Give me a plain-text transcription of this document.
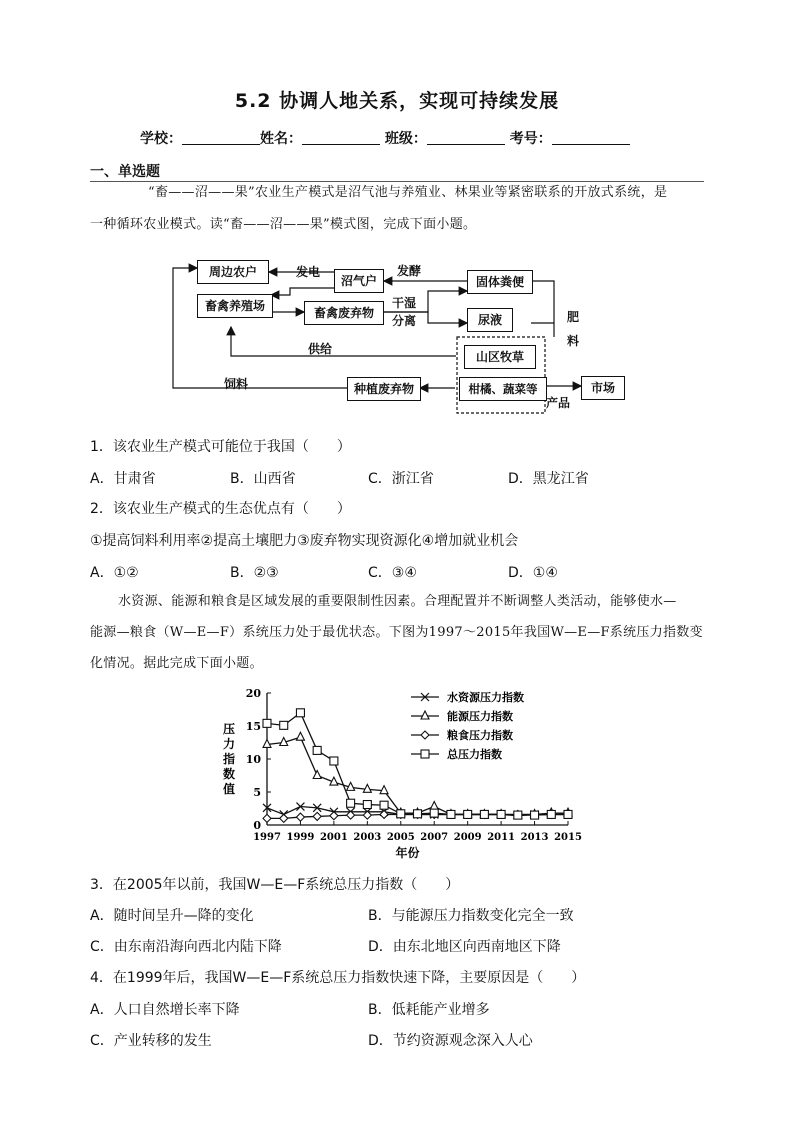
5.2 协调人地关系，实现可持续发展
学校：	姓名：	班级：	考号：
一、单选题
“畜——沼——果”农业生产模式是沼气池与养殖业、林果业等紧密联系的开放式系统，是
一种循环农业模式。读“畜——沼——果”模式图，完成下面小题。
周边农户
沼气户	固体粪便
畜禽养殖场	畜禽废弃物	尿液
山区牧草
种植废弃物	柑橘、蔬菜等	市场
发电	发酵
干湿
分离	肥
料
供给
饲料
产品
1．该农业生产模式可能位于我国（　　）
A．甘肃省	B．山西省	C．浙江省	D．黑龙江省
2．该农业生产模式的生态优点有（　　）
①提高饲料利用率②提高土壤肥力③废弃物实现资源化④增加就业机会
A．①②	B．②③	C．③④	D．①④
水资源、能源和粮食是区域发展的重要限制性因素。合理配置并不断调整人类活动，能够使水—
能源—粮食（W—E—F）系统压力处于最优状态。下图为1997～2015年我国W—E—F系统压力指数变
化情况。据此完成下面小题。
0
5
10
15
20
1997 1999 2001 2003 2005 2007 2009 2011 2013 2015
年份
压力指数值
水资源压力指数
能源压力指数
粮食压力指数
总压力指数
3．在2005年以前，我国W—E—F系统总压力指数（　　）
A．随时间呈升—降的变化	B．与能源压力指数变化完全一致
C．由东南沿海向西北内陆下降	D．由东北地区向西南地区下降
4．在1999年后，我国W—E—F系统总压力指数快速下降，主要原因是（　　）
A．人口自然增长率下降	B．低耗能产业增多
C．产业转移的发生	D．节约资源观念深入人心
